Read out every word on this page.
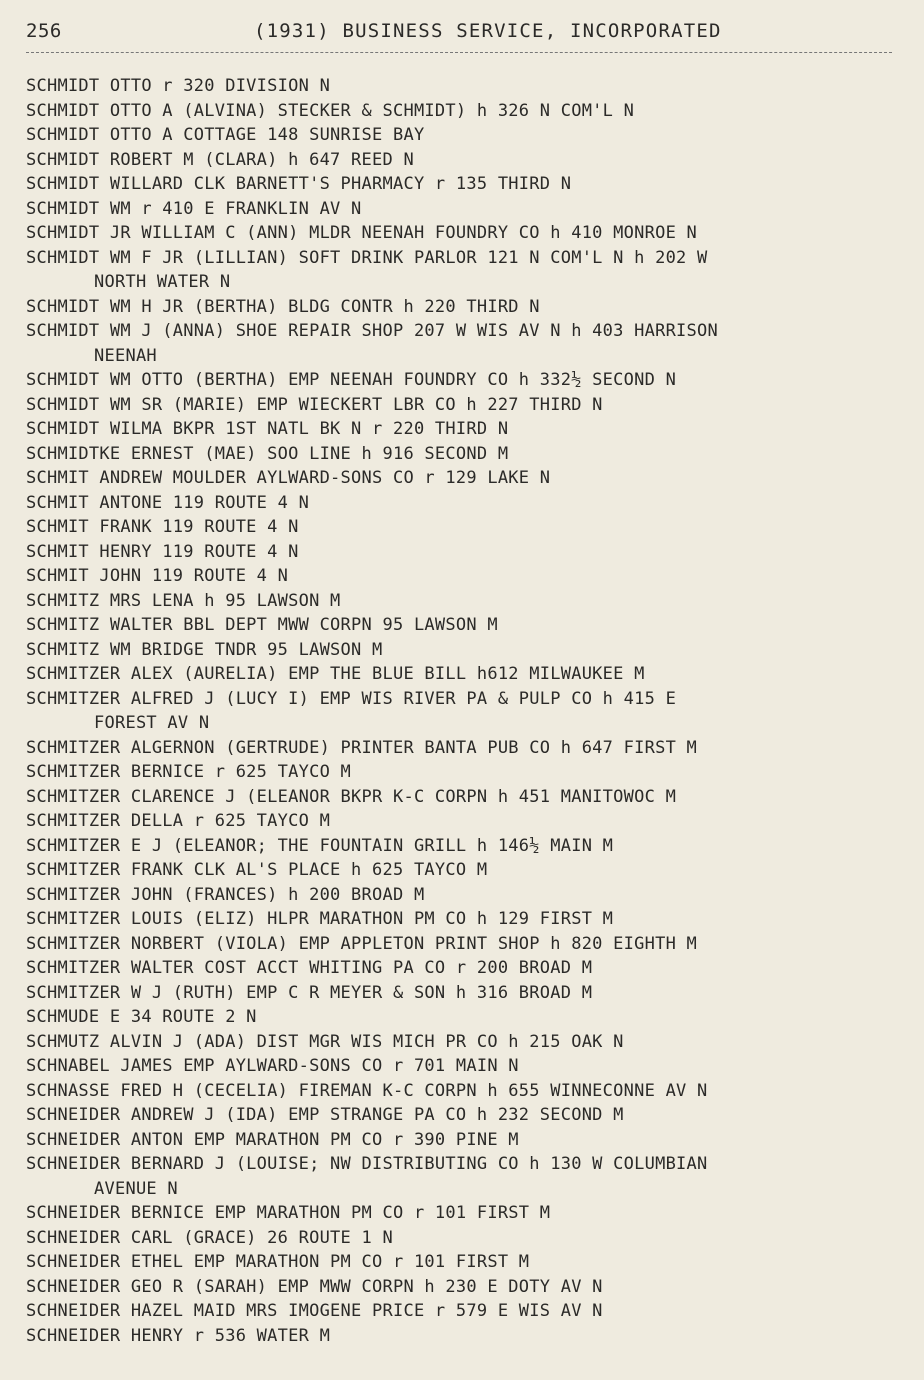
256	(1931) BUSINESS SERVICE, INCORPORATED
SCHMIDT OTTO r 320 DIVISION N
SCHMIDT OTTO A (ALVINA) STECKER & SCHMIDT) h 326 N COM'L N
SCHMIDT OTTO A COTTAGE 148 SUNRISE BAY
SCHMIDT ROBERT M (CLARA) h 647 REED N
SCHMIDT WILLARD CLK BARNETT'S PHARMACY r 135 THIRD N
SCHMIDT WM r 410 E FRANKLIN AV N
SCHMIDT JR WILLIAM C (ANN) MLDR NEENAH FOUNDRY CO h 410 MONROE N
SCHMIDT WM F JR (LILLIAN) SOFT DRINK PARLOR 121 N COM'L N h 202 W
NORTH WATER N
SCHMIDT WM H JR (BERTHA) BLDG CONTR h 220 THIRD N
SCHMIDT WM J (ANNA) SHOE REPAIR SHOP 207 W WIS AV N h 403 HARRISON
NEENAH
SCHMIDT WM OTTO (BERTHA) EMP NEENAH FOUNDRY CO h 332½ SECOND N
SCHMIDT WM SR (MARIE) EMP WIECKERT LBR CO h 227 THIRD N
SCHMIDT WILMA BKPR 1ST NATL BK N r 220 THIRD N
SCHMIDTKE ERNEST (MAE) SOO LINE h 916 SECOND M
SCHMIT ANDREW MOULDER AYLWARD-SONS CO r 129 LAKE N
SCHMIT ANTONE 119 ROUTE 4 N
SCHMIT FRANK 119 ROUTE 4 N
SCHMIT HENRY 119 ROUTE 4 N
SCHMIT JOHN 119 ROUTE 4 N
SCHMITZ MRS LENA h 95 LAWSON M
SCHMITZ WALTER BBL DEPT MWW CORPN 95 LAWSON M
SCHMITZ WM BRIDGE TNDR 95 LAWSON M
SCHMITZER ALEX (AURELIA) EMP THE BLUE BILL h612 MILWAUKEE M
SCHMITZER ALFRED J (LUCY I) EMP WIS RIVER PA & PULP CO h 415 E
FOREST AV N
SCHMITZER ALGERNON (GERTRUDE) PRINTER BANTA PUB CO h 647 FIRST M
SCHMITZER BERNICE r 625 TAYCO M
SCHMITZER CLARENCE J (ELEANOR BKPR K-C CORPN h 451 MANITOWOC M
SCHMITZER DELLA r 625 TAYCO M
SCHMITZER E J (ELEANOR; THE FOUNTAIN GRILL h 146½ MAIN M
SCHMITZER FRANK CLK AL'S PLACE h 625 TAYCO M
SCHMITZER JOHN (FRANCES) h 200 BROAD M
SCHMITZER LOUIS (ELIZ) HLPR MARATHON PM CO h 129 FIRST M
SCHMITZER NORBERT (VIOLA) EMP APPLETON PRINT SHOP h 820 EIGHTH M
SCHMITZER WALTER COST ACCT WHITING PA CO r 200 BROAD M
SCHMITZER W J (RUTH) EMP C R MEYER & SON h 316 BROAD M
SCHMUDE E 34 ROUTE 2 N
SCHMUTZ ALVIN J (ADA) DIST MGR WIS MICH PR CO h 215 OAK N
SCHNABEL JAMES EMP AYLWARD-SONS CO r 701 MAIN N
SCHNASSE FRED H (CECELIA) FIREMAN K-C CORPN h 655 WINNECONNE AV N
SCHNEIDER ANDREW J (IDA) EMP STRANGE PA CO h 232 SECOND M
SCHNEIDER ANTON EMP MARATHON PM CO r 390 PINE M
SCHNEIDER BERNARD J (LOUISE; NW DISTRIBUTING CO h 130 W COLUMBIAN
AVENUE N
SCHNEIDER BERNICE EMP MARATHON PM CO r 101 FIRST M
SCHNEIDER CARL (GRACE) 26 ROUTE 1 N
SCHNEIDER ETHEL EMP MARATHON PM CO r 101 FIRST M
SCHNEIDER GEO R (SARAH) EMP MWW CORPN h 230 E DOTY AV N
SCHNEIDER HAZEL MAID MRS IMOGENE PRICE r 579 E WIS AV N
SCHNEIDER HENRY r 536 WATER M
